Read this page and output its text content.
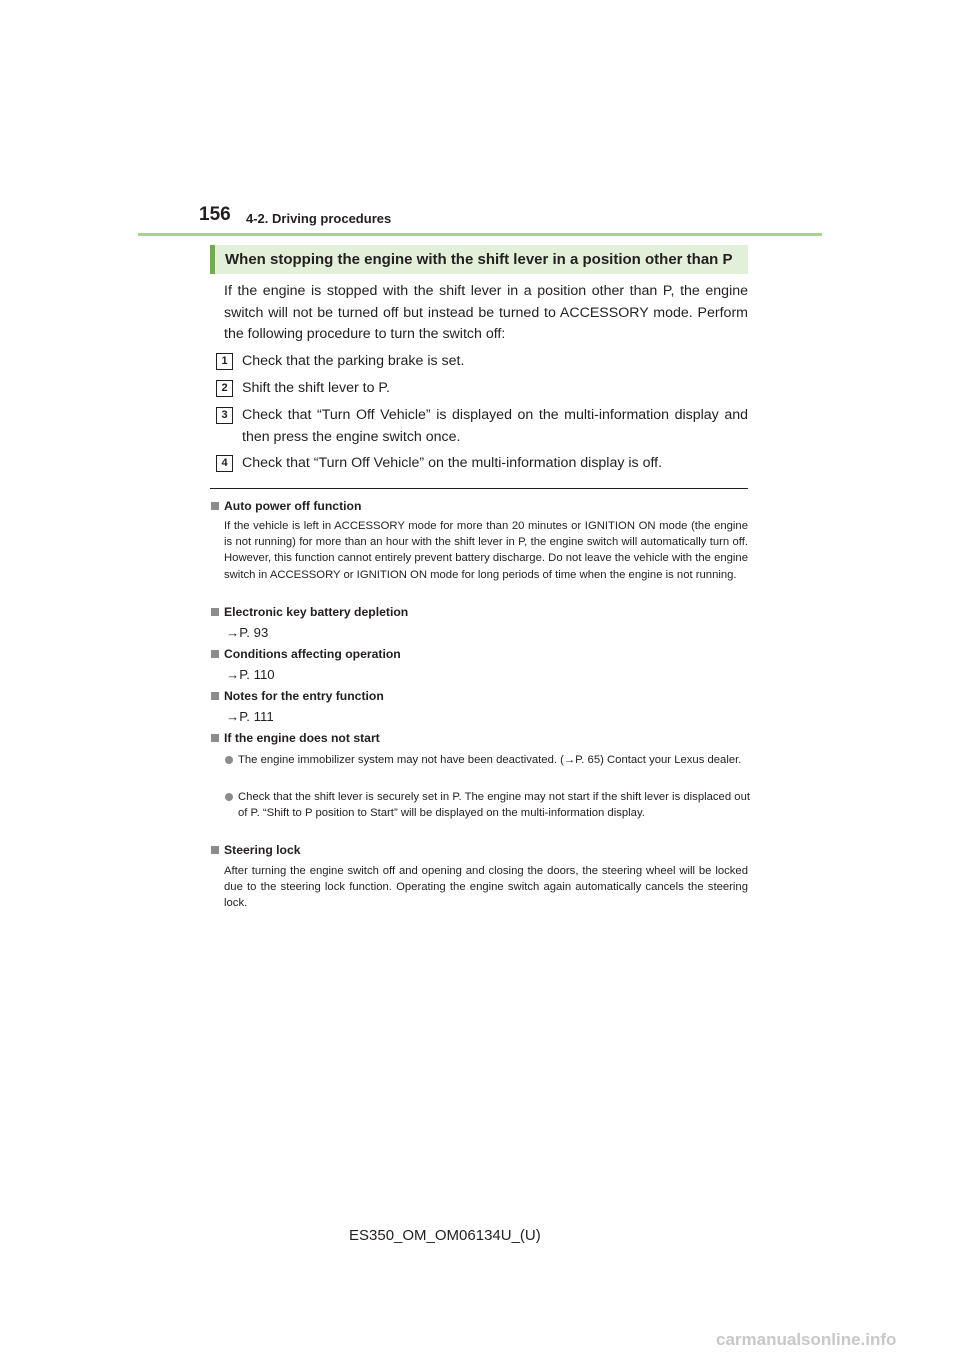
156 4-2. Driving procedures
When stopping the engine with the shift lever in a position other than P
If the engine is stopped with the shift lever in a position other than P, the engine switch will not be turned off but instead be turned to ACCESSORY mode. Perform the following procedure to turn the switch off:
1	Check that the parking brake is set.
2	Shift the shift lever to P.
3	Check that “Turn Off Vehicle” is displayed on the multi-information display and then press the engine switch once.
4	Check that “Turn Off Vehicle” on the multi-information display is off.
Auto power off function
If the vehicle is left in ACCESSORY mode for more than 20 minutes or IGNITION ON mode (the engine is not running) for more than an hour with the shift lever in P, the engine switch will automatically turn off. However, this function cannot entirely prevent battery discharge. Do not leave the vehicle with the engine switch in ACCESSORY or IGNITION ON mode for long periods of time when the engine is not running.
Electronic key battery depletion
→P. 93
Conditions affecting operation
→P. 110
Notes for the entry function
→P. 111
If the engine does not start
The engine immobilizer system may not have been deactivated. (→P. 65) Contact your Lexus dealer.
Check that the shift lever is securely set in P. The engine may not start if the shift lever is displaced out of P. “Shift to P position to Start” will be displayed on the multi-information display.
Steering lock
After turning the engine switch off and opening and closing the doors, the steering wheel will be locked due to the steering lock function. Operating the engine switch again automatically cancels the steering lock.
ES350_OM_OM06134U_(U)
carmanualsonline.info
